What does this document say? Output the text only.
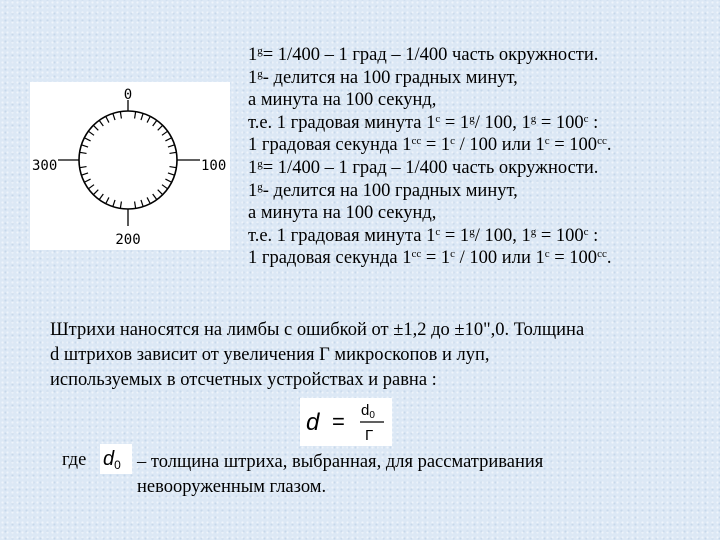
0
100
200
300
$1^g= 1/400 - 1$ град – 1/400 часть окружности.
1$^g$- делится на 100 градных минут,
а минута на 100 секунд,
т.е. 1 градовая минута $1^c = 1^g/$ 100, $1^g = 100^c$ :
1 градовая секунда $1^{cc} = 1^c / 100$ или $1^c = 100^{cc}$.
$1^g= 1/400 - 1$ град – 1/400 часть окружности.
1$^g$- делится на 100 градных минут,
а минута на 100 секунд,
т.е. 1 градовая минута $1^c = 1^g/$ 100, $1^g = 100^c$ :
1 градовая секунда $1^{cc} = 1^c / 100$ или $1^c = 100^{cc}$.
Штрихи наносятся на лимбы с ошибкой от ±1,2 до ±10",0. Толщина
d штрихов зависит от увеличения Г микроскопов и луп,
используемых в отсчетных устройствах и равна :
$d = d_0$
Г
где $d_0$ – толщина штриха, выбранная, для рассматривания
невооруженным глазом.
